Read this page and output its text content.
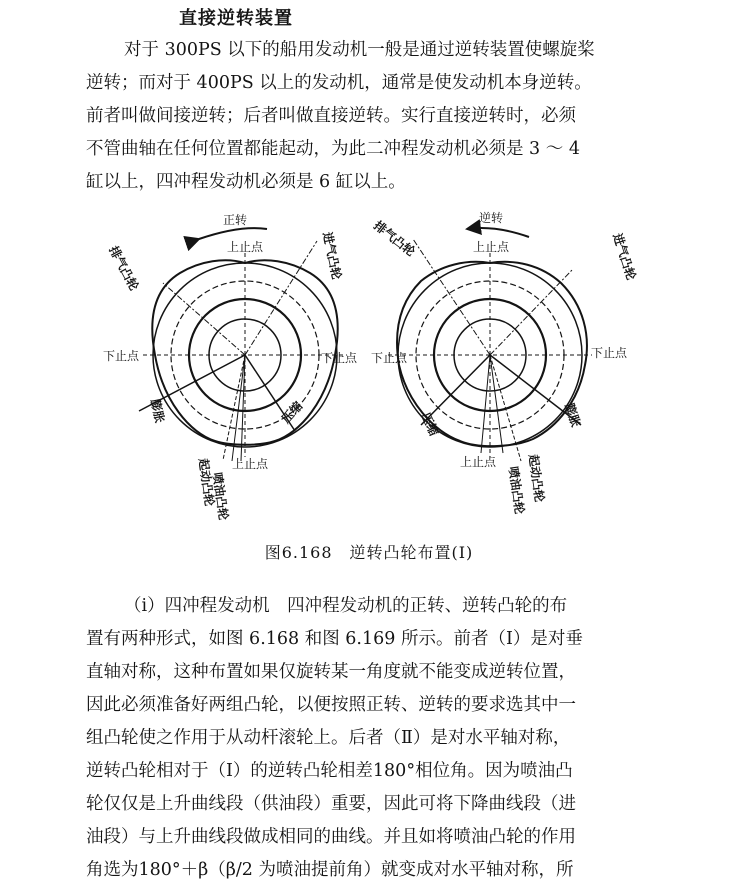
直接逆转装置
对于 300PS 以下的船用发动机一般是通过逆转装置使螺旋桨
逆转；而对于 400PS 以上的发动机，通常是使发动机本身逆转。
前者叫做间接逆转；后者叫做直接逆转。实行直接逆转时，必须
不管曲轴在任何位置都能起动，为此二冲程发动机必须是 3 ～ 4
缸以上，四冲程发动机必须是 6 缸以上。
正转
上止点
下止点	下止点
上止点
排气凸轮	进气凸轮
膨胀	压缩
起动凸轮
喷油凸轮
逆转
上止点
下止点	下止点
上止点
排气凸轮	进气凸轮
压缩	膨胀
喷油凸轮 起动凸轮
图6.168　逆转凸轮布置(Ⅰ)
（i）四冲程发动机　四冲程发动机的正转、逆转凸轮的布
置有两种形式，如图 6.168 和图 6.169 所示。前者（Ⅰ）是对垂
直轴对称，这种布置如果仅旋转某一角度就不能变成逆转位置，
因此必须准备好两组凸轮，以便按照正转、逆转的要求选其中一
组凸轮使之作用于从动杆滚轮上。后者（Ⅱ）是对水平轴对称，
逆转凸轮相对于（Ⅰ）的逆转凸轮相差180°相位角。因为喷油凸
轮仅仅是上升曲线段（供油段）重要，因此可将下降曲线段（进
油段）与上升曲线段做成相同的曲线。并且如将喷油凸轮的作用
角选为180°＋β（β/2 为喷油提前角）就变成对水平轴对称，所
